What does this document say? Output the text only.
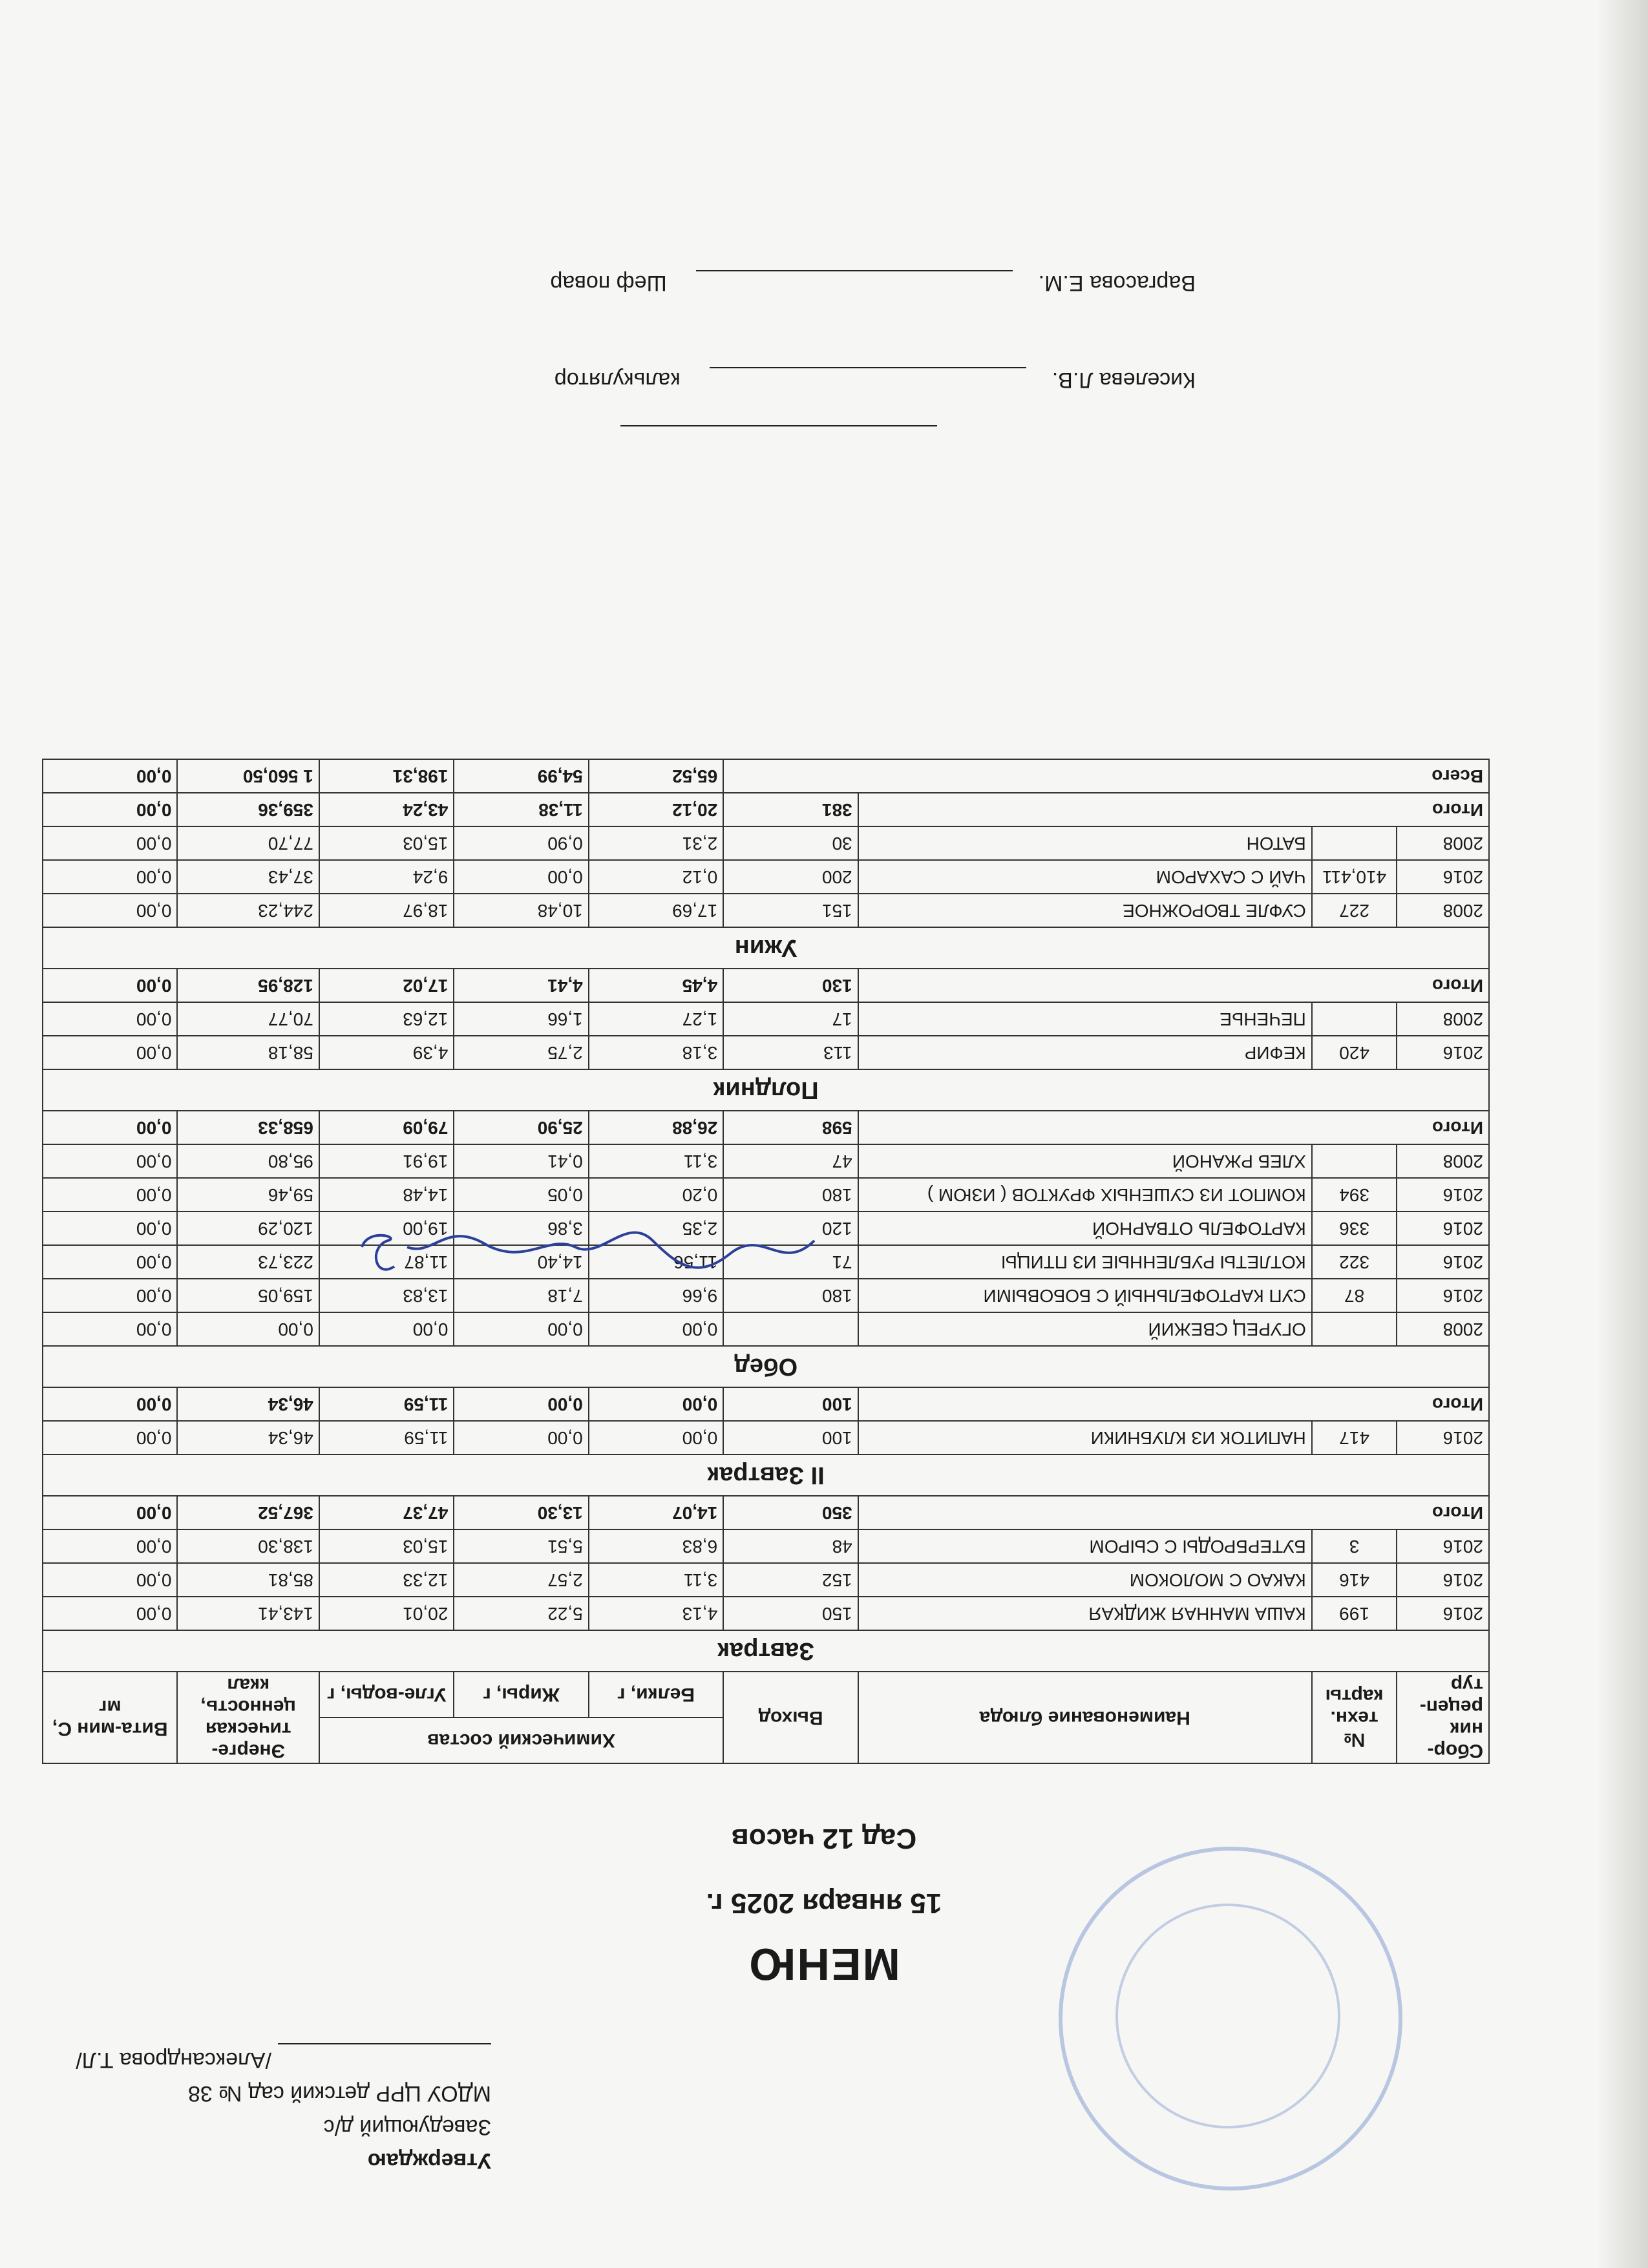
Утверждаю
Заведующий д/с
МДОУ ЦРР детский сад № 38
/Александрова Т.Л/
МЕНЮ
15 января 2025 г.
Сад 12 часов
Сбор-ник рецеп-тур	№ техн. карты	Наименование блюда	Выход	Химический состав			Энерге-тическая ценность, ккал	Вита-мин С, мг
				Белки, г	Жиры, г	Угле-воды, г		
Завтрак								
2016	199	КАША МАННАЯ ЖИДКАЯ	150	4,13	5,22	20,01	143,41	0,00
2016	416	КАКАО С МОЛОКОМ	152	3,11	2,57	12,33	85,81	0,00
2016	3	БУТЕРБРОДЫ С СЫРОМ	48	6,83	5,51	15,03	138,30	0,00
Итого			350	14,07	13,30	47,37	367,52	0,00
II Завтрак								
2016	417	НАПИТОК ИЗ КЛУБНИКИ	100	0,00	0,00	11,59	46,34	0,00
Итого			100	0,00	0,00	11,59	46,34	0,00
Обед								
2008		ОГУРЕЦ СВЕЖИЙ		0,00	0,00	0,00	0,00	0,00
2016	87	СУП КАРТОФЕЛЬНЫЙ С БОБОВЫМИ	180	9,66	7,18	13,83	159,05	0,00
2016	322	КОТЛЕТЫ РУБЛЕННЫЕ ИЗ ПТИЦЫ	71	11,56	14,40	11,87	223,73	0,00
2016	336	КАРТОФЕЛЬ ОТВАРНОЙ	120	2,35	3,86	19,00	120,29	0,00
2016	394	КОМПОТ ИЗ СУШЕНЫХ ФРУКТОВ ( ИЗЮМ )	180	0,20	0,05	14,48	59,46	0,00
2008		ХЛЕБ РЖАНОЙ	47	3,11	0,41	19,91	95,80	0,00
Итого			598	26,88	25,90	79,09	658,33	0,00
Полдник								
2016	420	КЕФИР	113	3,18	2,75	4,39	58,18	0,00
2008		ПЕЧЕНЬЕ	17	1,27	1,66	12,63	70,77	0,00
Итого			130	4,45	4,41	17,02	128,95	0,00
Ужин								
2008	227	СУФЛЕ ТВОРОЖНОЕ	151	17,69	10,48	18,97	244,23	0,00
2016	410,411	ЧАЙ С САХАРОМ	200	0,12	0,00	9,24	37,43	0,00
2008		БАТОН	30	2,31	0,90	15,03	77,70	0,00
Итого			381	20,12	11,38	43,24	359,36	0,00
Всего				65,52	54,99	198,31	1 560,50	0,00
Киселева Л.В.
калькулятор
Варгасова Е.М.
Шеф повар
